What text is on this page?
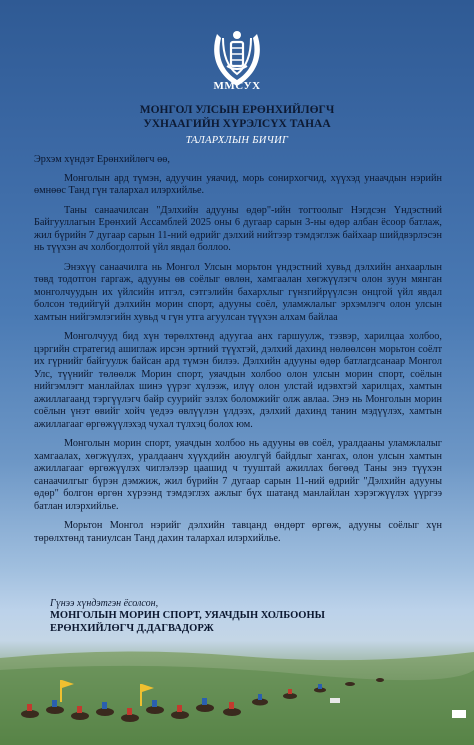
ММСУХ
МОНГОЛ УЛСЫН ЕРӨНХИЙЛӨГЧ
УХНААГИЙН ХҮРЭЛСҮХ ТАНАА
ТАЛАРХЛЫН БИЧИГ

Эрхэм хүндэт Ерөнхийлөгч өө,

Монголын ард түмэн, адуучин уяачид, морь сонирхогчид, хүүхэд унаачдын нэрийн өмнөөс Танд гүн талархал илэрхийлье.

Таны санаачилсан "Дэлхийн адууны өдөр"-ийн тогтоолыг Нэгдсэн Үндэстний Байгууллагын Ерөнхий Ассамблей 2025 оны 6 дугаар сарын 3-ны өдөр албан ёсоор батлаж, жил бүрийн 7 дугаар сарын 11-ний өдрийг дэлхий нийтээр тэмдэглэж байхаар шийдвэрлэсэн нь түүхэн ач холбогдолтой үйл явдал боллоо.

Энэхүү санаачилга нь Монгол Улсын морьтон үндэстний хувьд дэлхийн анхаарлын төвд тодотгон гаргаж, адууны өв соёлыг өвлөн, хамгаалан хөгжүүлэгч олон зуун мянган монголчуудын их үйлсийн итгэл, сэтгэлийн бахархлыг гүнзгийрүүлсэн онцгой үйл явдал болсон төдийгүй дэлхийн морин спорт, адууны соёл, уламжлалыг эрхэмлэгч олон улсын хамтын нийгэмлэгийн хувьд ч гүн утга агуулсан түүхэн алхам байлаа

Монголчууд бид хүн төрөлхтөнд адуугаа анх гаршуулж, тэзвэр, харилцаа холбоо, цэргийн стратегид ашиглаж ирсэн эртний түүхтэй, дэлхий дахинд нөлөөлсөн морьтон соёлт их гүрнийг байгуулж байсан ард түмэн билээ. Дэлхийн адууны өдөр батлагдсанаар Монгол Улс, түүнийг төлөөлж Морин спорт, уяачдын холбоо олон улсын морин спорт, соёлын нийгэмлэгт манлайлах шинэ үүрэг хүлээж, илүү олон улстай идэвхтэй харилцах, хамтын ажиллагаанд тэргүүлэгч байр суурийг эзлэх боломжийг олж авлаа. Энэ нь Монголын морин соёлын үнэт өвийг хойч үедээ өвлүүлэн үлдээх, дэлхий дахинд танин мэдүүлэх, хамтын ажиллагааг өргөжүүлэхэд чухал түлхэц болох юм.

Монголын морин спорт, уяачдын холбоо нь адууны өв соёл, уралдааны уламжлалыг хамгаалах, хөгжүүлэх, уралдаанч хүүхдийн аюулгүй байдлыг хангах, олон улсын хамтын ажиллагааг өргөжүүлэх чиглэлээр цаашид ч тууштай ажиллах бөгөөд Таны энэ түүхэн санаачилгыг бүрэн дэмжиж, жил бүрийн 7 дугаар сарын 11-ний өдрийг "Дэлхийн адууны өдөр" болгон өргөн хүрээнд тэмдэглэх ажлыг бүх шатанд манлайлан хэрэгжүүлэх үүргээ батлан илэрхийлье.

Морьтон Монгол нэрийг дэлхийн тавцанд өндөрт өргөж, адууны соёлыг хүн төрөлхтөнд таниулсан Танд дахин талархал илэрхийлье.

Гүнээ хүндэтгэн ёсолсон,
МОНГОЛЫН МОРИН СПОРТ, УЯАЧДЫН ХОЛБООНЫ
ЕРӨНХИЙЛӨГЧ Д.ДАГВАДОРЖ
